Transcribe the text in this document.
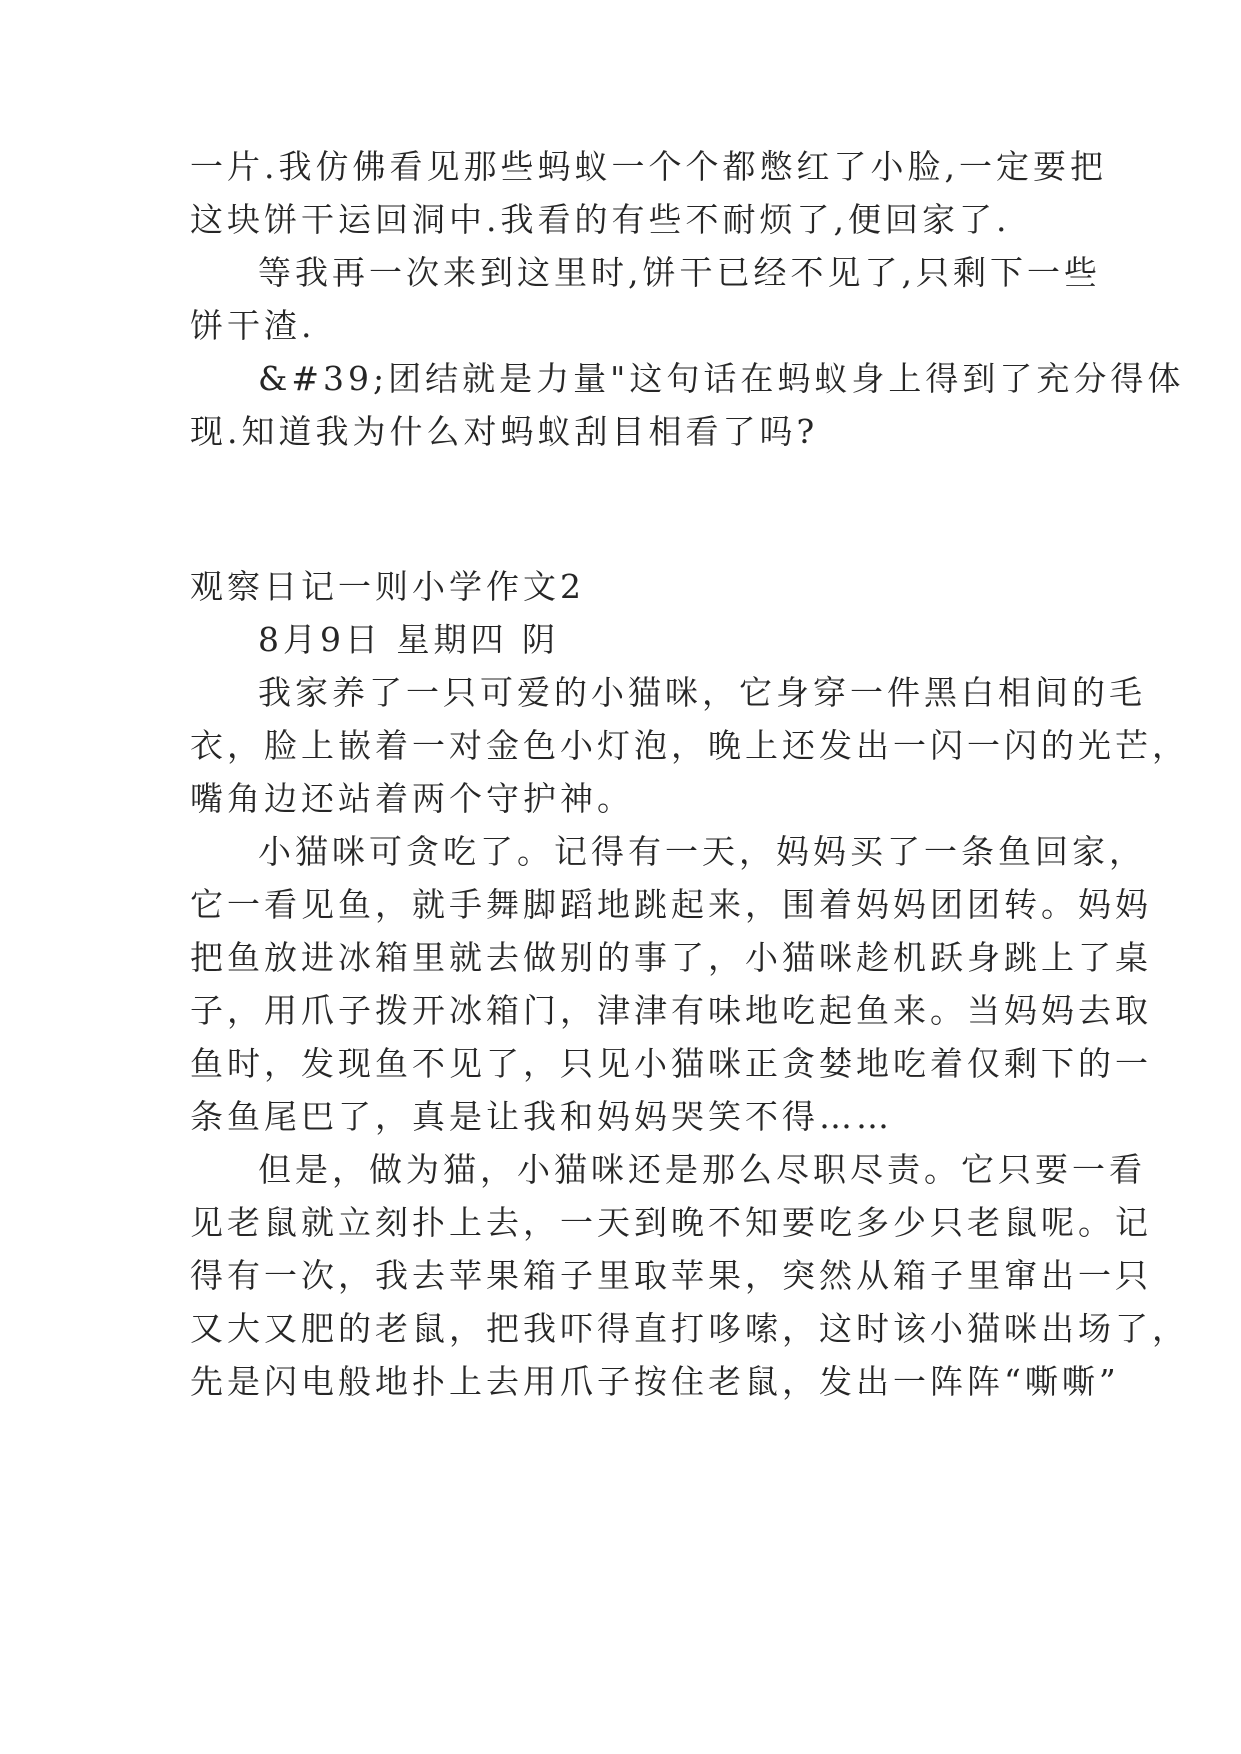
一片.我仿佛看见那些蚂蚁一个个都憋红了小脸,一定要把
这块饼干运回洞中.我看的有些不耐烦了,便回家了.
等我再一次来到这里时,饼干已经不见了,只剩下一些
饼干渣.
&#39;团结就是力量"这句话在蚂蚁身上得到了充分得体
现.知道我为什么对蚂蚁刮目相看了吗?
观察日记一则小学作文2
8月9日 星期四 阴
我家养了一只可爱的小猫咪，它身穿一件黑白相间的毛
衣，脸上嵌着一对金色小灯泡，晚上还发出一闪一闪的光芒，
嘴角边还站着两个守护神。
小猫咪可贪吃了。记得有一天，妈妈买了一条鱼回家，
它一看见鱼，就手舞脚蹈地跳起来，围着妈妈团团转。妈妈
把鱼放进冰箱里就去做别的事了，小猫咪趁机跃身跳上了桌
子，用爪子拨开冰箱门，津津有味地吃起鱼来。当妈妈去取
鱼时，发现鱼不见了，只见小猫咪正贪婪地吃着仅剩下的一
条鱼尾巴了，真是让我和妈妈哭笑不得……
但是，做为猫，小猫咪还是那么尽职尽责。它只要一看
见老鼠就立刻扑上去，一天到晚不知要吃多少只老鼠呢。记
得有一次，我去苹果箱子里取苹果，突然从箱子里窜出一只
又大又肥的老鼠，把我吓得直打哆嗦，这时该小猫咪出场了，
先是闪电般地扑上去用爪子按住老鼠，发出一阵阵“嘶嘶”
